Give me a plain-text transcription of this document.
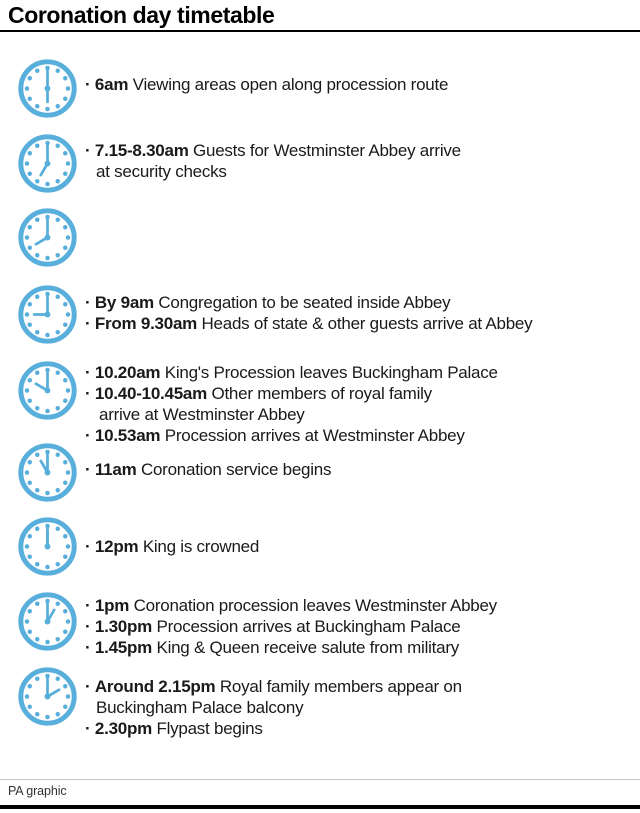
Coronation day timetable
· 6am Viewing areas open along procession route
· 7.15-8.30am Guests for Westminster Abbey arrive
at security checks
· By 9am Congregation to be seated inside Abbey
· From 9.30am Heads of state & other guests arrive at Abbey
· 10.20am King's Procession leaves Buckingham Palace
· 10.40-10.45am Other members of royal family
arrive at Westminster Abbey
· 10.53am Procession arrives at Westminster Abbey
· 11am Coronation service begins
· 12pm King is crowned
· 1pm Coronation procession leaves Westminster Abbey
· 1.30pm Procession arrives at Buckingham Palace
· 1.45pm King & Queen receive salute from military
· Around 2.15pm Royal family members appear on
Buckingham Palace balcony
· 2.30pm Flypast begins
PA graphic
